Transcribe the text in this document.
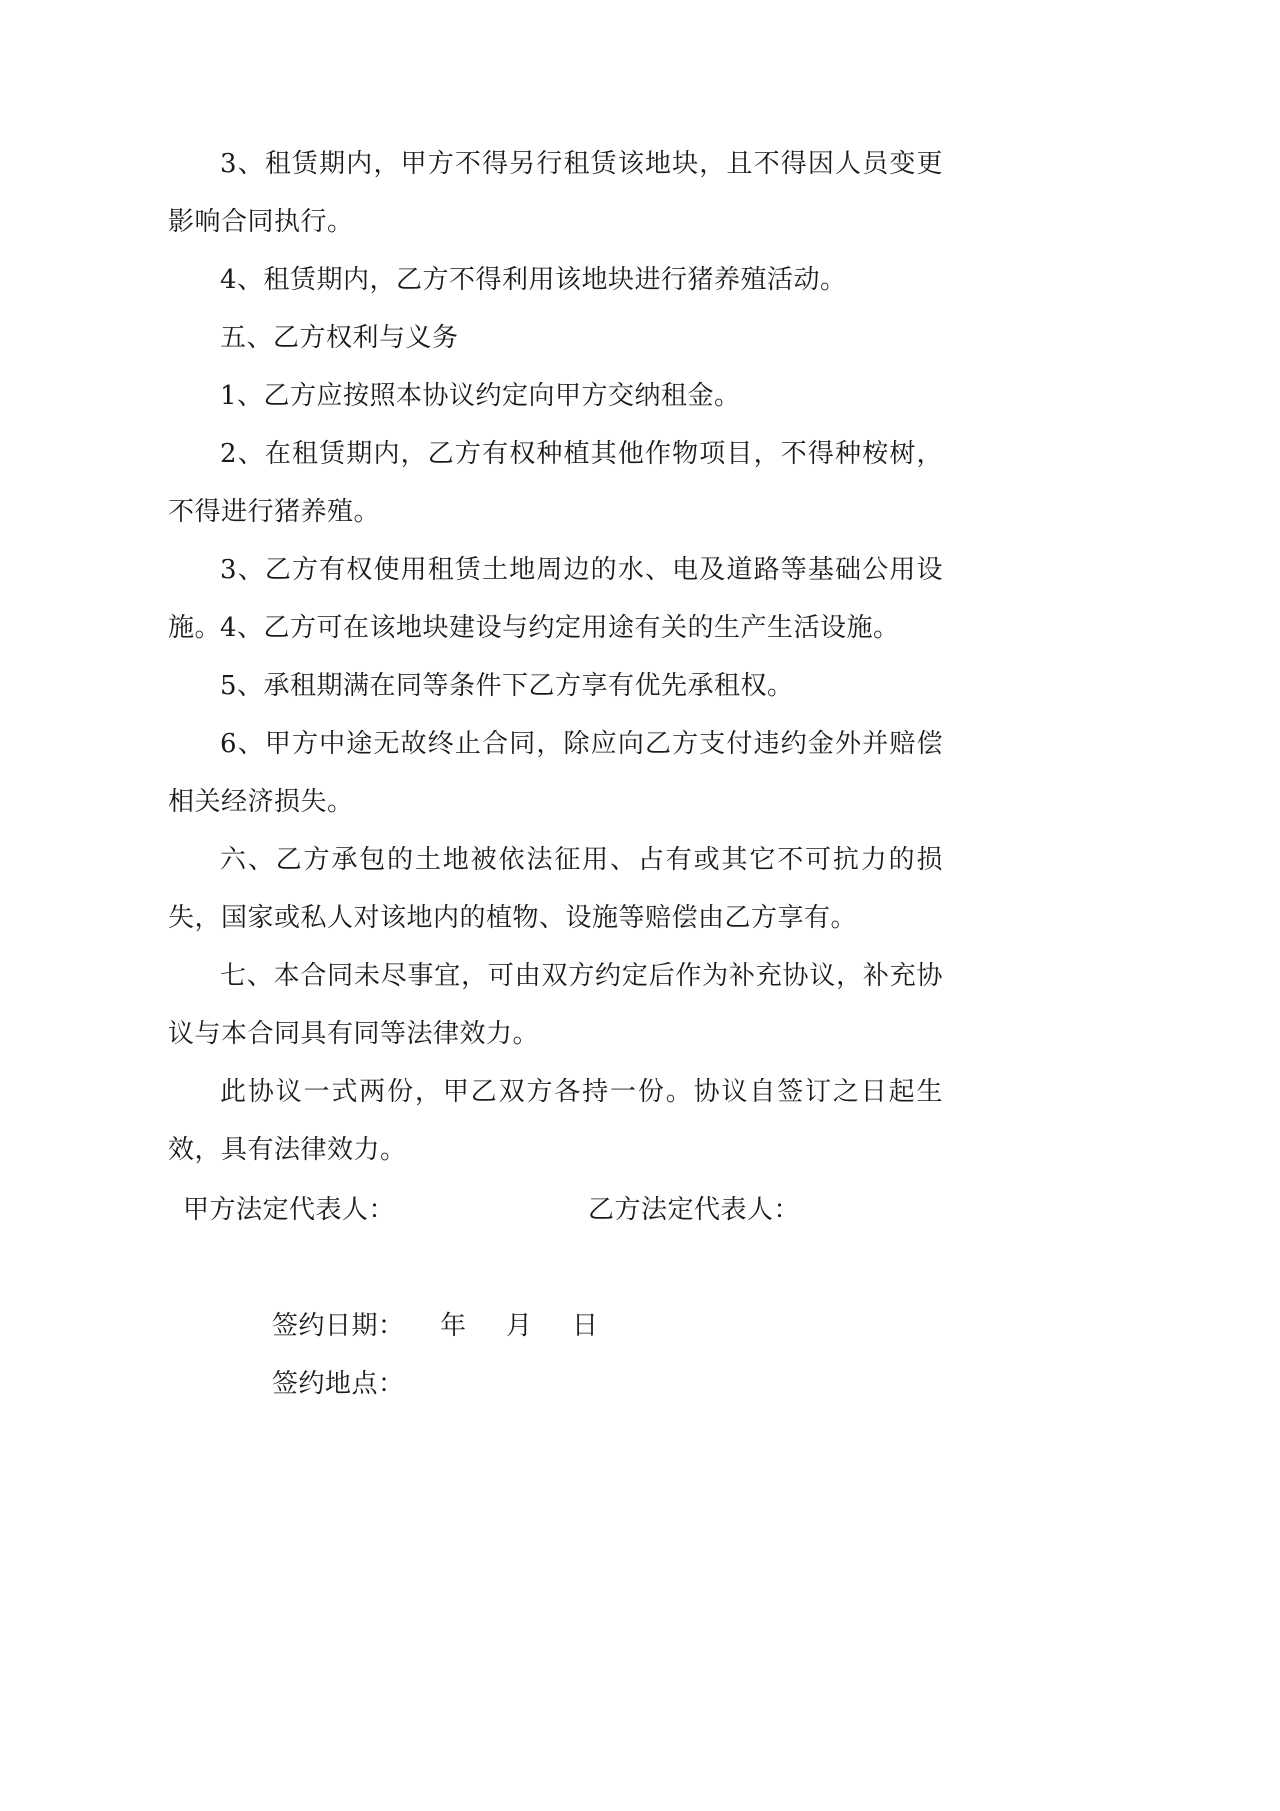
3、租赁期内，甲方不得另行租赁该地块，且不得因人员变更影响合同执行。

4、租赁期内，乙方不得利用该地块进行猪养殖活动。

五、乙方权利与义务

1、乙方应按照本协议约定向甲方交纳租金。

2、在租赁期内，乙方有权种植其他作物项目，不得种桉树，不得进行猪养殖。

3、乙方有权使用租赁土地周边的水、电及道路等基础公用设施。

4、乙方可在该地块建设与约定用途有关的生产生活设施。

5、承租期满在同等条件下乙方享有优先承租权。

6、甲方中途无故终止合同，除应向乙方支付违约金外并赔偿相关经济损失。

六、乙方承包的土地被依法征用、占有或其它不可抗力的损失，国家或私人对该地内的植物、设施等赔偿由乙方享有。

七、本合同未尽事宜，可由双方约定后作为补充协议，补充协议与本合同具有同等法律效力。

此协议一式两份，甲乙双方各持一份。协议自签订之日起生效，具有法律效力。

甲方法定代表人：	乙方法定代表人：
签约日期： 年 月 日
签约地点：
